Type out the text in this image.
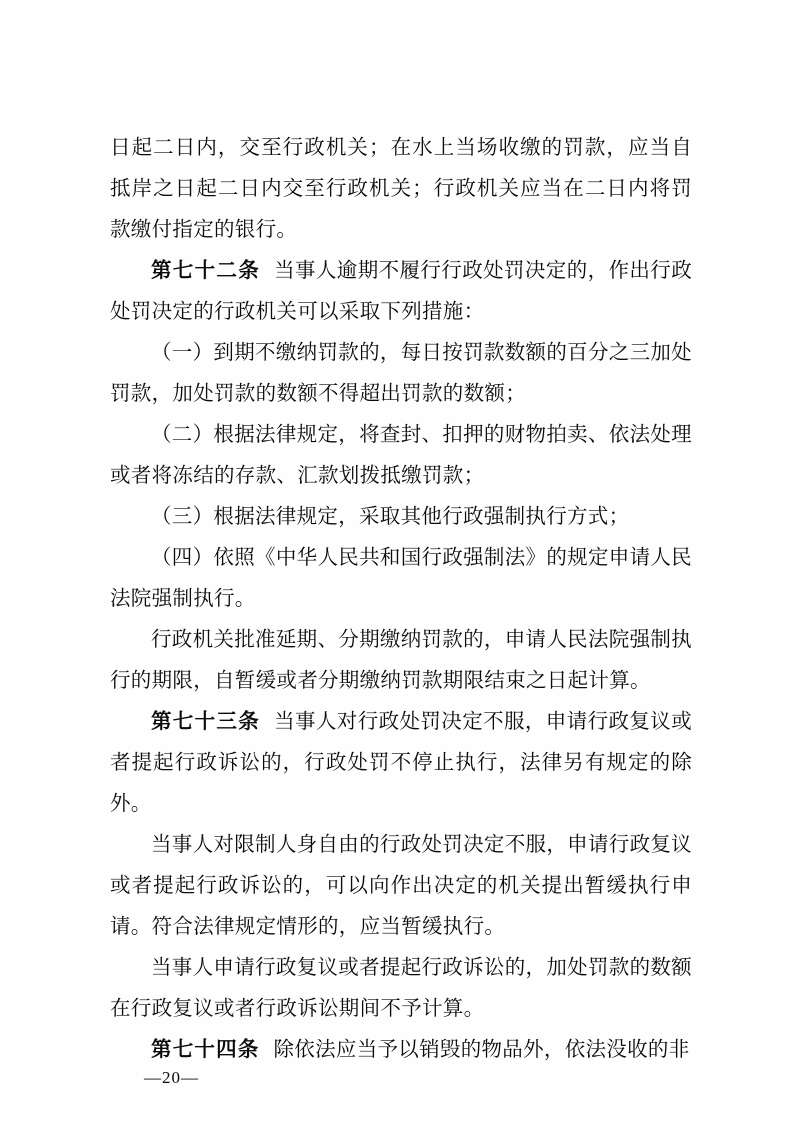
日起二日内，交至行政机关；在水上当场收缴的罚款，应当自抵岸之日起二日内交至行政机关；行政机关应当在二日内将罚款缴付指定的银行。

第七十二条 当事人逾期不履行行政处罚决定的，作出行政处罚决定的行政机关可以采取下列措施：

（一）到期不缴纳罚款的，每日按罚款数额的百分之三加处罚款，加处罚款的数额不得超出罚款的数额；

（二）根据法律规定，将查封、扣押的财物拍卖、依法处理或者将冻结的存款、汇款划拨抵缴罚款；

（三）根据法律规定，采取其他行政强制执行方式；

（四）依照《中华人民共和国行政强制法》的规定申请人民法院强制执行。

行政机关批准延期、分期缴纳罚款的，申请人民法院强制执行的期限，自暂缓或者分期缴纳罚款期限结束之日起计算。

第七十三条 当事人对行政处罚决定不服，申请行政复议或者提起行政诉讼的，行政处罚不停止执行，法律另有规定的除外。

当事人对限制人身自由的行政处罚决定不服，申请行政复议或者提起行政诉讼的，可以向作出决定的机关提出暂缓执行申请。符合法律规定情形的，应当暂缓执行。

当事人申请行政复议或者提起行政诉讼的，加处罚款的数额在行政复议或者行政诉讼期间不予计算。

第七十四条 除依法应当予以销毁的物品外，依法没收的非

—20—
